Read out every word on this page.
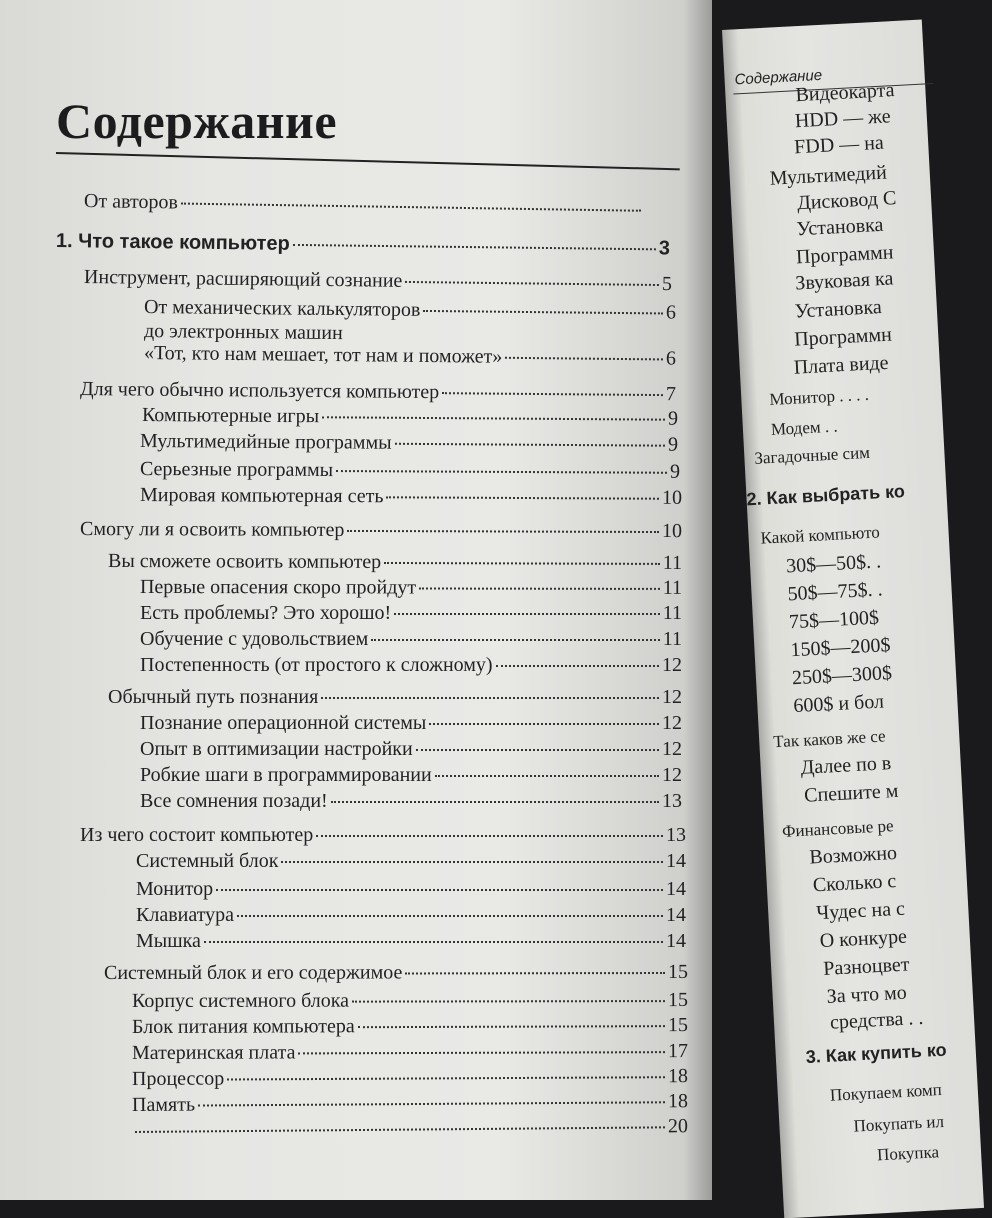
Содержание
От авторов
1. Что такое компьютер	3
Инструмент, расширяющий сознание	5
От механических калькуляторов	6
до электронных машин
«Тот, кто нам мешает, тот нам и поможет»	6
Для чего обычно используется компьютер	7
Компьютерные игры	9
Мультимедийные программы	9
Серьезные программы	9
Мировая компьютерная сеть	10
Смогу ли я освоить компьютер	10
Вы сможете освоить компьютер	11
Первые опасения скоро пройдут	11
Есть проблемы? Это хорошо!	11
Обучение с удовольствием	11
Постепенность (от простого к сложному)	12
Обычный путь познания	12
Познание операционной системы	12
Опыт в оптимизации настройки	12
Робкие шаги в программировании	12
Все сомнения позади!	13
Из чего состоит компьютер	13
Системный блок	14
Монитор	14
Клавиатура	14
Мышка	14
Системный блок и его содержимое	15
Корпус системного блока	15
Блок питания компьютера	15
Материнская плата	17
Процессор	18
Память	18
20
Содержание
Видеокарта
HDD — же
FDD — на
Мультимедий
Дисковод С
Установка
Программн
Звуковая ка
Установка
Программн
Плата виде
Монитор . . . .
Модем . .
Загадочные сим
2. Как выбрать ко
Какой компьюто
30$—50$. .
50$—75$. .
75$—100$
150$—200$
250$—300$
600$ и бол
Так каков же се
Далее по в
Спешите м
Финансовые ре
Возможно
Сколько с
Чудес на с
О конкуре
Разноцвет
За что мо
средства . .
3. Как купить ко
Покупаем комп
Покупать ил
Покупка
